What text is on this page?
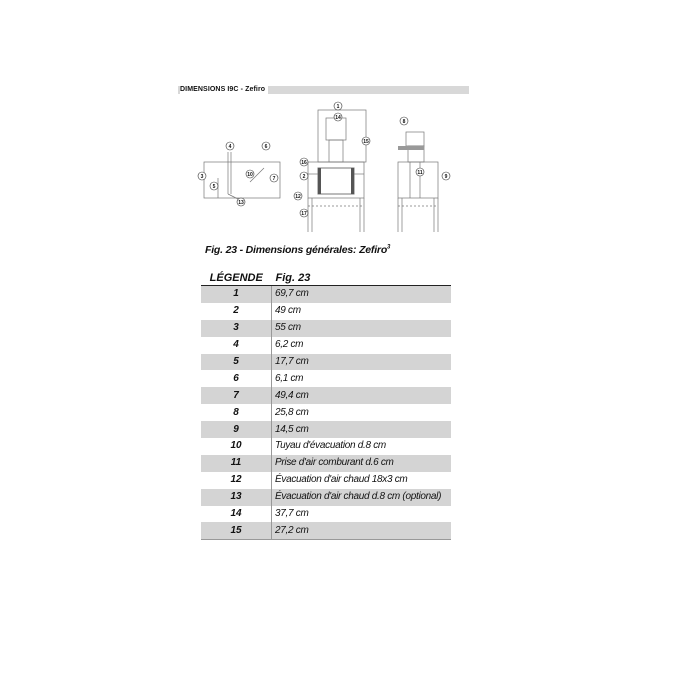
DIMENSIONS I9C - Zefiro
1
2
3
4
5
6
7
8
9
10	11
12
13
14
15
16
17
Fig. 23 - Dimensions générales: Zefiro$^3$
LÉGENDE	Fig. 23
1	69,7 cm
2	49 cm
3	55 cm
4	6,2 cm
5	17,7 cm
6	6,1 cm
7	49,4 cm
8	25,8 cm
9	14,5 cm
10	Tuyau d'évacuation d.8 cm
11	Prise d'air comburant d.6 cm
12	Évacuation d'air chaud 18x3 cm
13	Évacuation d'air chaud d.8 cm (optional)
14	37,7 cm
15	27,2 cm
